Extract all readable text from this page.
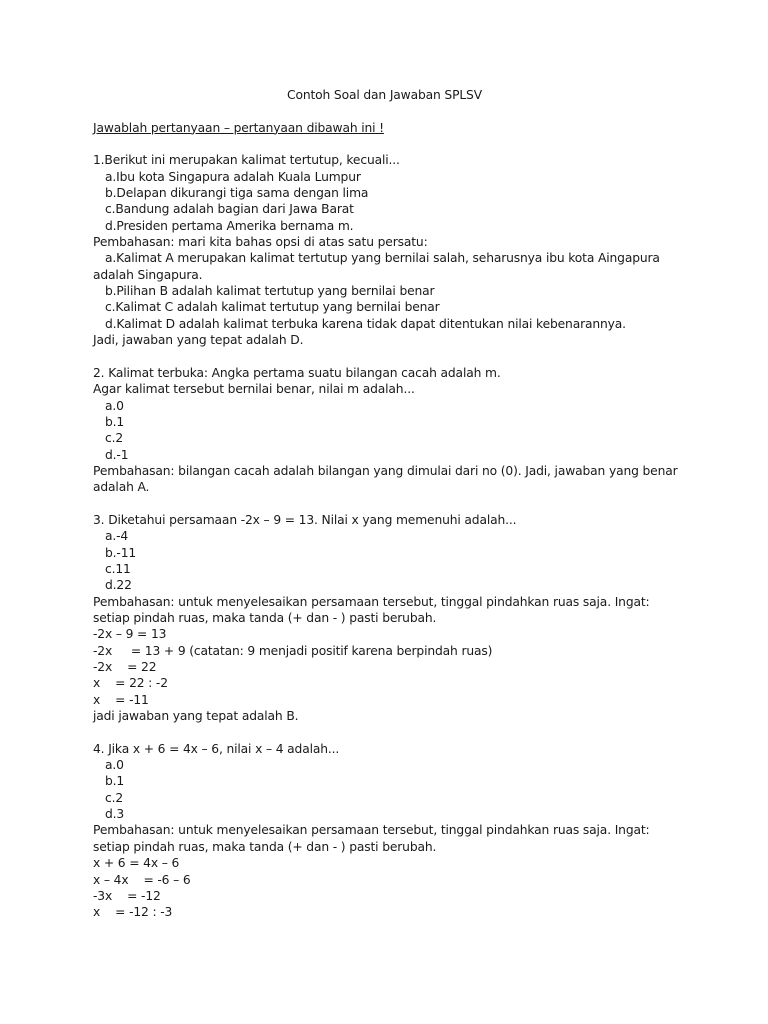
Contoh Soal dan Jawaban SPLSV

Jawablah pertanyaan – pertanyaan dibawah ini !

1.Berikut ini merupakan kalimat tertutup, kecuali...

a.Ibu kota Singapura adalah Kuala Lumpur

b.Delapan dikurangi tiga sama dengan lima

c.Bandung adalah bagian dari Jawa Barat

d.Presiden pertama Amerika bernama m.

Pembahasan: mari kita bahas opsi di atas satu persatu:

a.Kalimat A merupakan kalimat tertutup yang bernilai salah, seharusnya ibu kota Aingapura adalah Singapura.

b.Pilihan B adalah kalimat tertutup yang bernilai benar

c.Kalimat C adalah kalimat tertutup yang bernilai benar

d.Kalimat D adalah kalimat terbuka karena tidak dapat ditentukan nilai kebenarannya.

Jadi, jawaban yang tepat adalah D.

2. Kalimat terbuka: Angka pertama suatu bilangan cacah adalah m.

Agar kalimat tersebut bernilai benar, nilai m adalah...

a.0

b.1

c.2

d.-1

Pembahasan: bilangan cacah adalah bilangan yang dimulai dari no (0). Jadi, jawaban yang benar adalah A.

3. Diketahui persamaan -2x – 9 = 13. Nilai x yang memenuhi adalah...

a.-4

b.-11

c.11

d.22

Pembahasan: untuk menyelesaikan persamaan tersebut, tinggal pindahkan ruas saja. Ingat: setiap pindah ruas, maka tanda (+ dan - ) pasti berubah.

-2x – 9 = 13

-2x     = 13 + 9 (catatan: 9 menjadi positif karena berpindah ruas)

-2x    = 22

x    = 22 : -2

x    = -11

jadi jawaban yang tepat adalah B.

4. Jika x + 6 = 4x – 6, nilai x – 4 adalah...

a.0

b.1

c.2

d.3

Pembahasan: untuk menyelesaikan persamaan tersebut, tinggal pindahkan ruas saja. Ingat: setiap pindah ruas, maka tanda (+ dan - ) pasti berubah.

x + 6 = 4x – 6

x – 4x    = -6 – 6

-3x    = -12

x    = -12 : -3
